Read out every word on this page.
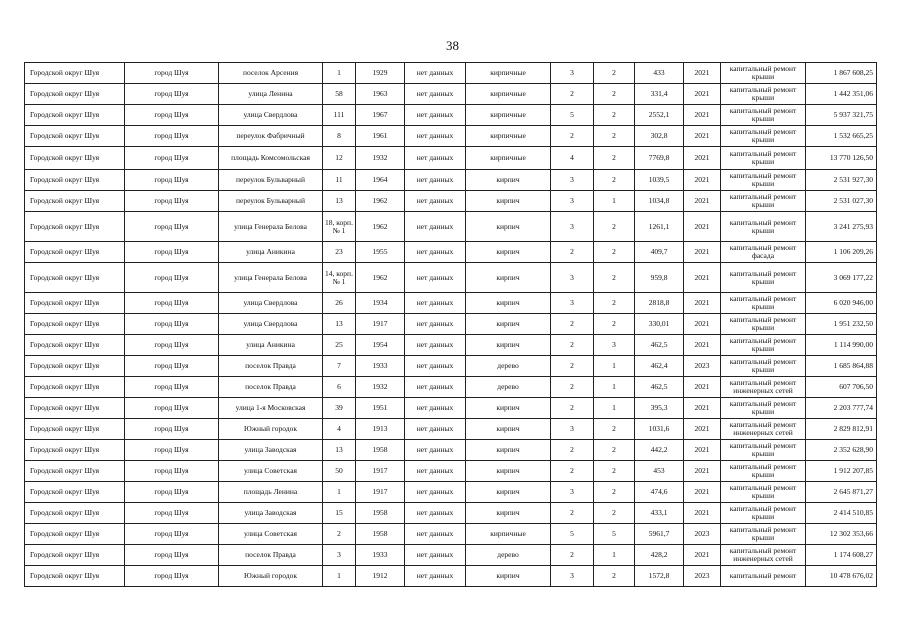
38
Городской округ Шуя	город Шуя	поселок Арсения	1	1929	нет данных	кирпичные	3	2	433	2021	капитальный ремонт крыши	1 867 608,25
Городской округ Шуя	город Шуя	улица Ленина	58	1963	нет данных	кирпичные	2	2	331,4	2021	капитальный ремонт крыши	1 442 351,06
Городской округ Шуя	город Шуя	улица Свердлова	111	1967	нет данных	кирпичные	5	2	2552,1	2021	капитальный ремонт крыши	5 937 321,75
Городской округ Шуя	город Шуя	переулок Фабричный	8	1961	нет данных	кирпичные	2	2	302,8	2021	капитальный ремонт крыши	1 532 665,25
Городской округ Шуя	город Шуя	площадь Комсомольская	12	1932	нет данных	кирпичные	4	2	7769,8	2021	капитальный ремонт крыши	13 770 126,50
Городской округ Шуя	город Шуя	переулок Бульварный	11	1964	нет данных	кирпич	3	2	1039,5	2021	капитальный ремонт крыши	2 531 927,30
Городской округ Шуя	город Шуя	переулок Бульварный	13	1962	нет данных	кирпич	3	1	1034,8	2021	капитальный ремонт крыши	2 531 027,30
Городской округ Шуя	город Шуя	улица Генерала Белова	18, корп. № 1	1962	нет данных	кирпич	3	2	1261,1	2021	капитальный ремонт крыши	3 241 275,93
Городской округ Шуя	город Шуя	улица Аникина	23	1955	нет данных	кирпич	2	2	409,7	2021	капитальный ремонт фасада	1 106 209,26
Городской округ Шуя	город Шуя	улица Генерала Белова	14, корп. № 1	1962	нет данных	кирпич	3	2	959,8	2021	капитальный ремонт крыши	3 069 177,22
Городской округ Шуя	город Шуя	улица Свердлова	26	1934	нет данных	кирпич	3	2	2818,8	2021	капитальный ремонт крыши	6 020 946,00
Городской округ Шуя	город Шуя	улица Свердлова	13	1917	нет данных	кирпич	2	2	330,01	2021	капитальный ремонт крыши	1 951 232,50
Городской округ Шуя	город Шуя	улица Аникина	25	1954	нет данных	кирпич	2	3	462,5	2021	капитальный ремонт крыши	1 114 990,00
Городской округ Шуя	город Шуя	поселок Правда	7	1933	нет данных	дерево	2	1	462,4	2023	капитальный ремонт крыши	1 685 864,88
Городской округ Шуя	город Шуя	поселок Правда	6	1932	нет данных	дерево	2	1	462,5	2021	капитальный ремонт инженерных сетей	607 706,50
Городской округ Шуя	город Шуя	улица 1-я Московская	39	1951	нет данных	кирпич	2	1	395,3	2021	капитальный ремонт крыши	2 203 777,74
Городской округ Шуя	город Шуя	Южный городок	4	1913	нет данных	кирпич	3	2	1031,6	2021	капитальный ремонт инженерных сетей	2 829 812,91
Городской округ Шуя	город Шуя	улица Заводская	13	1958	нет данных	кирпич	2	2	442,2	2021	капитальный ремонт крыши	2 352 628,90
Городской округ Шуя	город Шуя	улица Советская	50	1917	нет данных	кирпич	2	2	453	2021	капитальный ремонт крыши	1 912 207,85
Городской округ Шуя	город Шуя	площадь Ленина	1	1917	нет данных	кирпич	3	2	474,6	2021	капитальный ремонт крыши	2 645 871,27
Городской округ Шуя	город Шуя	улица Заводская	15	1958	нет данных	кирпич	2	2	433,1	2021	капитальный ремонт крыши	2 414 510,85
Городской округ Шуя	город Шуя	улица Советская	2	1958	нет данных	кирпичные	5	5	5961,7	2023	капитальный ремонт крыши	12 302 353,66
Городской округ Шуя	город Шуя	поселок Правда	3	1933	нет данных	дерево	2	1	428,2	2021	капитальный ремонт инженерных сетей	1 174 608,27
Городской округ Шуя	город Шуя	Южный городок	1	1912	нет данных	кирпич	3	2	1572,8	2023	капитальный ремонт	10 478 676,02
